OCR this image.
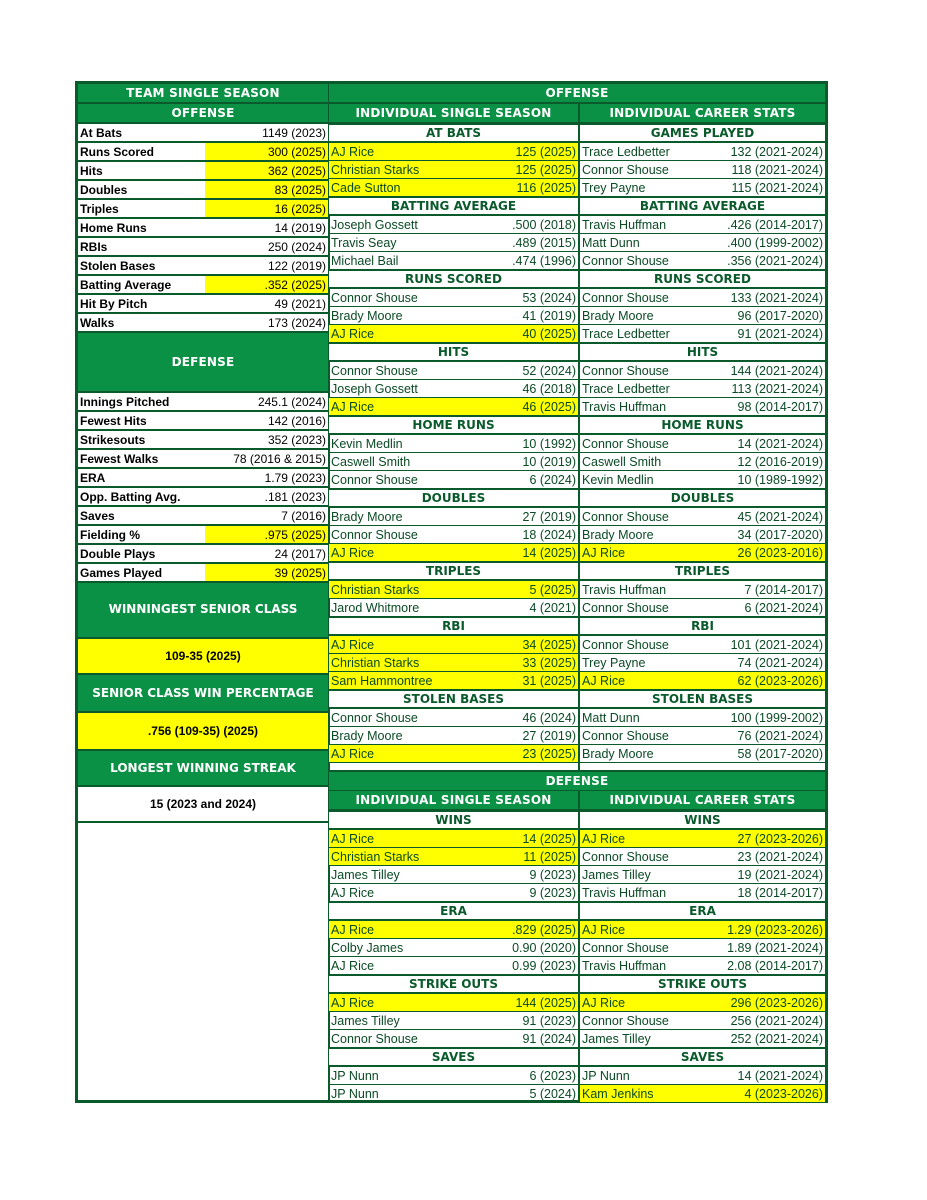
TEAM SINGLE SEASON
OFFENSE
At Bats	1149 (2023)
Runs Scored	300 (2025)
Hits	362 (2025)
Doubles	83 (2025)
Triples	16 (2025)
Home Runs	14 (2019)
RBIs	250 (2024)
Stolen Bases	122 (2019)
Batting Average	.352 (2025)
Hit By Pitch	49 (2021)
Walks	173 (2024)
DEFENSE
Innings Pitched	245.1 (2024)
Fewest Hits	142 (2016)
Strikesouts	352 (2023)
Fewest Walks	78 (2016 & 2015)
ERA	1.79 (2023)
Opp. Batting Avg.	.181 (2023)
Saves	7 (2016)
Fielding %	.975 (2025)
Double Plays	24 (2017)
Games Played	39 (2025)
WINNINGEST SENIOR CLASS
109-35 (2025)
SENIOR CLASS WIN PERCENTAGE
.756 (109-35) (2025)
LONGEST WINNING STREAK
15 (2023 and 2024)
OFFENSE
INDIVIDUAL SINGLE SEASON
AT BATS
AJ Rice	125 (2025)
Christian Starks	125 (2025)
Cade Sutton	116 (2025)
BATTING AVERAGE
Joseph Gossett	.500 (2018)
Travis Seay	.489 (2015)
Michael Bail	.474 (1996)
RUNS SCORED
Connor Shouse	53 (2024)
Brady Moore	41 (2019)
AJ Rice	40 (2025)
HITS
Connor Shouse	52 (2024)
Joseph Gossett	46 (2018)
AJ Rice	46 (2025)
HOME RUNS
Kevin Medlin	10 (1992)
Caswell Smith	10 (2019)
Connor Shouse	6 (2024)
DOUBLES
Brady Moore	27 (2019)
Connor Shouse	18 (2024)
AJ Rice	14 (2025)
TRIPLES
Christian Starks	5 (2025)
Jarod Whitmore	4 (2021)
RBI
AJ Rice	34 (2025)
Christian Starks	33 (2025)
Sam Hammontree	31 (2025)
STOLEN BASES
Connor Shouse	46 (2024)
Brady Moore	27 (2019)
AJ Rice	23 (2025)
INDIVIDUAL CAREER STATS
GAMES PLAYED
Trace Ledbetter	132 (2021-2024)
Connor Shouse	118 (2021-2024)
Trey Payne	115 (2021-2024)
BATTING AVERAGE
Travis Huffman	.426 (2014-2017)
Matt Dunn	.400 (1999-2002)
Connor Shouse	.356 (2021-2024)
RUNS SCORED
Connor Shouse	133 (2021-2024)
Brady Moore	96 (2017-2020)
Trace Ledbetter	91 (2021-2024)
HITS
Connor Shouse	144 (2021-2024)
Trace Ledbetter	113 (2021-2024)
Travis Huffman	98 (2014-2017)
HOME RUNS
Connor Shouse	14 (2021-2024)
Caswell Smith	12 (2016-2019)
Kevin Medlin	10 (1989-1992)
DOUBLES
Connor Shouse	45 (2021-2024)
Brady Moore	34 (2017-2020)
AJ Rice	26 (2023-2016)
TRIPLES
Travis Huffman	7 (2014-2017)
Connor Shouse	6 (2021-2024)
RBI
Connor Shouse	101 (2021-2024)
Trey Payne	74 (2021-2024)
AJ Rice	62 (2023-2026)
STOLEN BASES
Matt Dunn	100 (1999-2002)
Connor Shouse	76 (2021-2024)
Brady Moore	58 (2017-2020)
DEFENSE
INDIVIDUAL SINGLE SEASON
WINS
AJ Rice	14 (2025)
Christian Starks	11 (2025)
James Tilley	9 (2023)
AJ Rice	9 (2023)
ERA
AJ Rice	.829 (2025)
Colby James	0.90 (2020)
AJ Rice	0.99 (2023)
STRIKE OUTS
AJ Rice	144 (2025)
James Tilley	91 (2023)
Connor Shouse	91 (2024)
SAVES
JP Nunn	6 (2023)
JP Nunn	5 (2024)
INDIVIDUAL CAREER STATS
WINS
AJ Rice	27 (2023-2026)
Connor Shouse	23 (2021-2024)
James Tilley	19 (2021-2024)
Travis Huffman	18 (2014-2017)
ERA
AJ Rice	1.29 (2023-2026)
Connor Shouse	1.89 (2021-2024)
Travis Huffman	2.08 (2014-2017)
STRIKE OUTS
AJ Rice	296 (2023-2026)
Connor Shouse	256 (2021-2024)
James Tilley	252 (2021-2024)
SAVES
JP Nunn	14 (2021-2024)
Kam Jenkins	4 (2023-2026)
